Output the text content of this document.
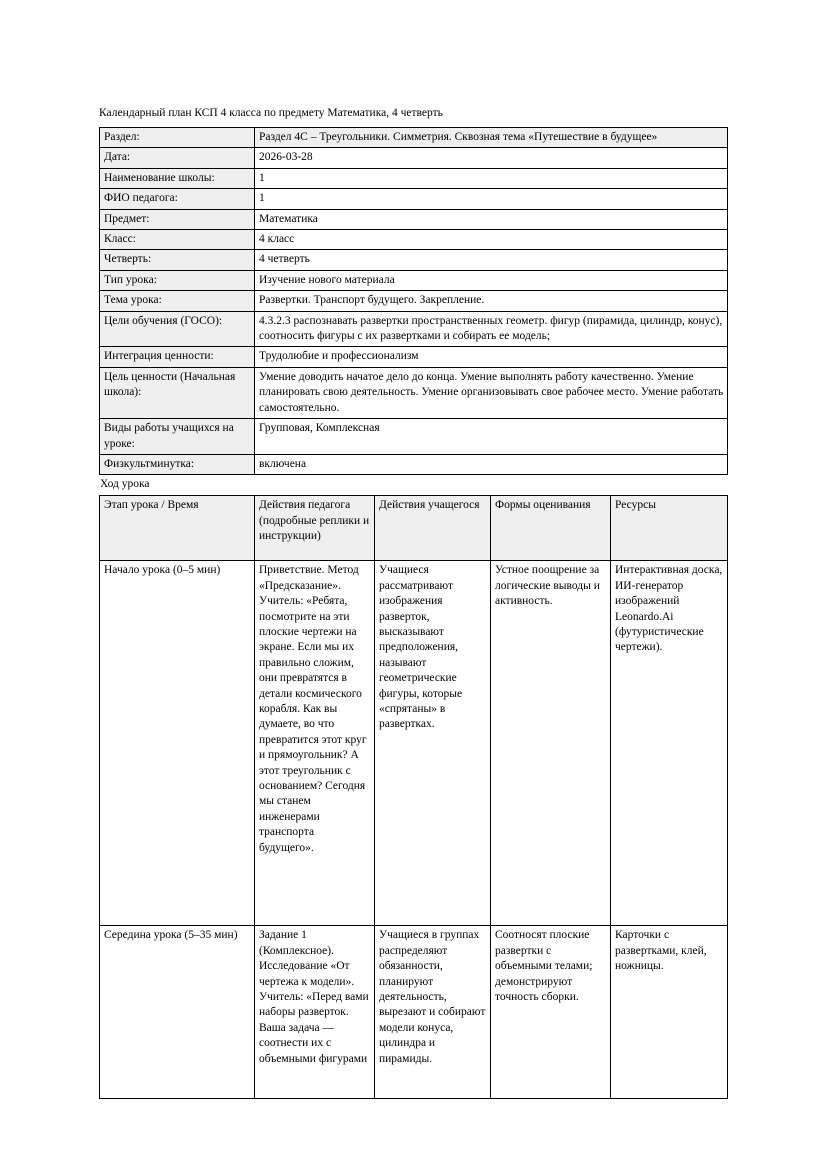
Календарный план КСП 4 класса по предмету Математика, 4 четверть

Раздел:	Раздел 4С – Треугольники. Симметрия. Сквозная тема «Путешествие в будущее»
Дата:	2026-03-28
Наименование школы:	1
ФИО педагога:	1
Предмет:	Математика
Класс:	4 класс
Четверть:	4 четверть
Тип урока:	Изучение нового материала
Тема урока:	Развертки. Транспорт будущего. Закрепление.
Цели обучения (ГОСО):	4.3.2.3 распознавать развертки пространственных геометр. фигур (пирамида, цилиндр, конус), соотносить фигуры с их развертками и собирать ее модель;
Интеграция ценности:	Трудолюбие и профессионализм
Цель ценности (Начальная школа):	Умение доводить начатое дело до конца. Умение выполнять работу качественно. Умение планировать свою деятельность. Умение организовывать свое рабочее место. Умение работать самостоятельно.
Виды работы учащихся на уроке:	Групповая, Комплексная
Физкультминутка:	включена

Ход урока

Этап урока / Время	Действия педагога (подробные реплики и инструкции)	Действия учащегося	Формы оценивания	Ресурсы
Начало урока (0–5 мин)	Приветствие. Метод «Предсказание». Учитель: «Ребята, посмотрите на эти плоские чертежи на экране. Если мы их правильно сложим, они превратятся в детали космического корабля. Как вы думаете, во что превратится этот круг и прямоугольник? А этот треугольник с основанием? Сегодня мы станем инженерами транспорта будущего».	Учащиеся рассматривают изображения разверток, высказывают предположения, называют геометрические фигуры, которые «спрятаны» в развертках.	Устное поощрение за логические выводы и активность.	Интерактивная доска, ИИ-генератор изображений Leonardo.Ai (футуристические чертежи).
Середина урока (5–35 мин)	Задание 1 (Комплексное). Исследование «От чертежа к модели». Учитель: «Перед вами наборы разверток. Ваша задача — соотнести их с объемными фигурами	Учащиеся в группах распределяют обязанности, планируют деятельность, вырезают и собирают модели конуса, цилиндра и пирамиды.	Соотносят плоские развертки с объемными телами; демонстрируют точность сборки.	Карточки с развертками, клей, ножницы.
